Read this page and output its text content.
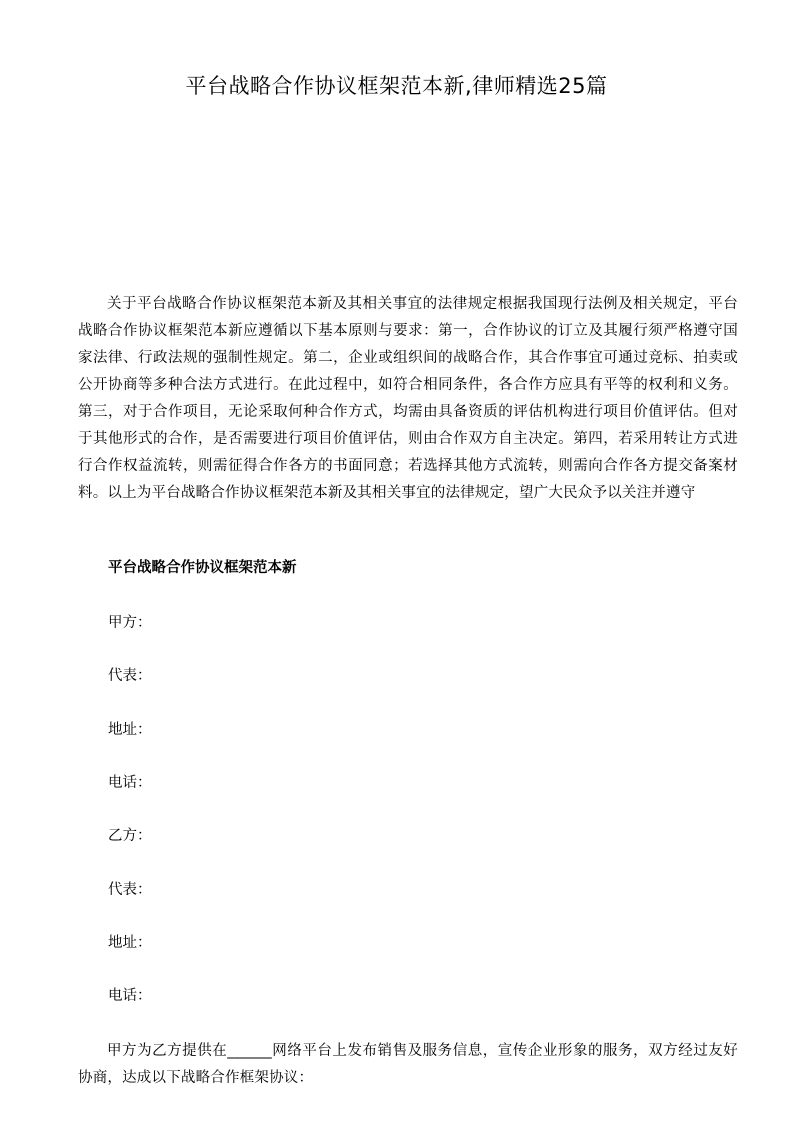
平台战略合作协议框架范本新,律师精选25篇

关于平台战略合作协议框架范本新及其相关事宜的法律规定根据我国现行法例及相关规定，平台战略合作协议框架范本新应遵循以下基本原则与要求：第一，合作协议的订立及其履行须严格遵守国家法律、行政法规的强制性规定。第二，企业或组织间的战略合作，其合作事宜可通过竞标、拍卖或公开协商等多种合法方式进行。在此过程中，如符合相同条件，各合作方应具有平等的权利和义务。第三，对于合作项目，无论采取何种合作方式，均需由具备资质的评估机构进行项目价值评估。但对于其他形式的合作，是否需要进行项目价值评估，则由合作双方自主决定。第四，若采用转让方式进行合作权益流转，则需征得合作各方的书面同意；若选择其他方式流转，则需向合作各方提交备案材料。以上为平台战略合作协议框架范本新及其相关事宜的法律规定，望广大民众予以关注并遵守

平台战略合作协议框架范本新

甲方：

代表：

地址：

电话：

乙方：

代表：

地址：

电话：

甲方为乙方提供在______网络平台上发布销售及服务信息，宣传企业形象的服务，双方经过友好协商，达成以下战略合作框架协议：
